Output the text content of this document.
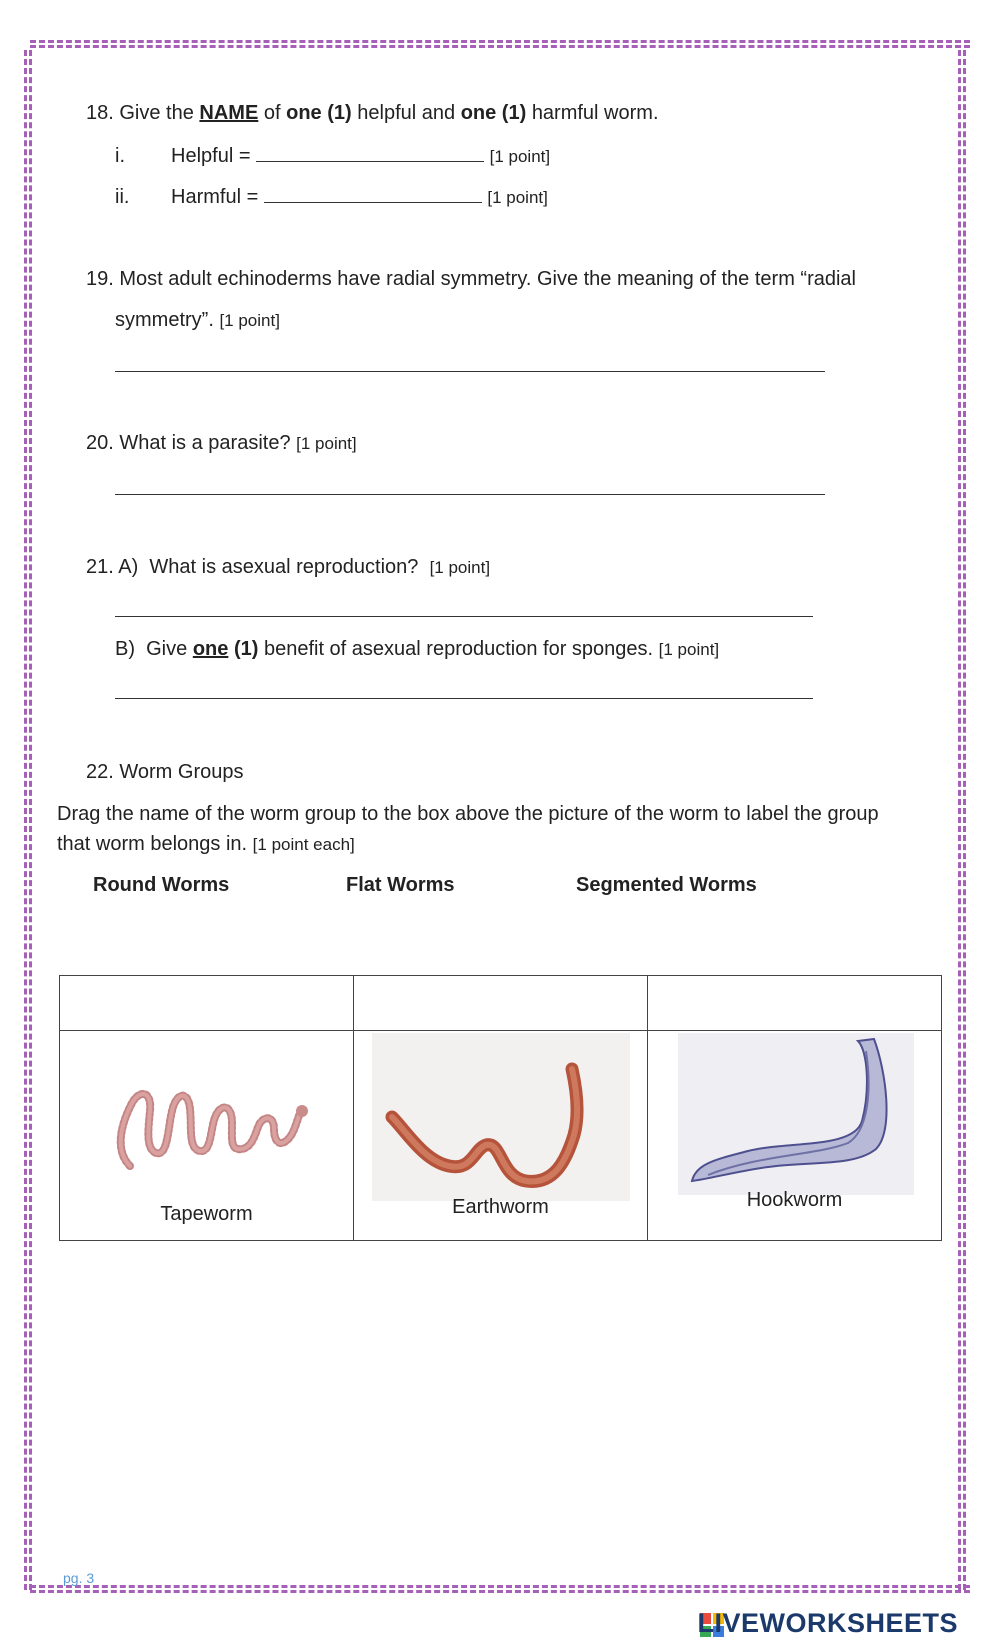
18. Give the NAME of one (1) helpful and one (1) harmful worm.
i. Helpful =	[1 point]
ii. Harmful =	[1 point]
19. Most adult echinoderms have radial symmetry. Give the meaning of the term “radial
symmetry”. [1 point]
20. What is a parasite? [1 point]
21. A) What is asexual reproduction? [1 point]
B) Give one (1) benefit of asexual reproduction for sponges. [1 point]
22. Worm Groups
Drag the name of the worm group to the box above the picture of the worm to label the group
that worm belongs in. [1 point each]
Round Worms	Flat Worms	Segmented Worms

Tapeworm	Earthworm	Hookworm
pg. 3
LIVEWORKSHEETS
